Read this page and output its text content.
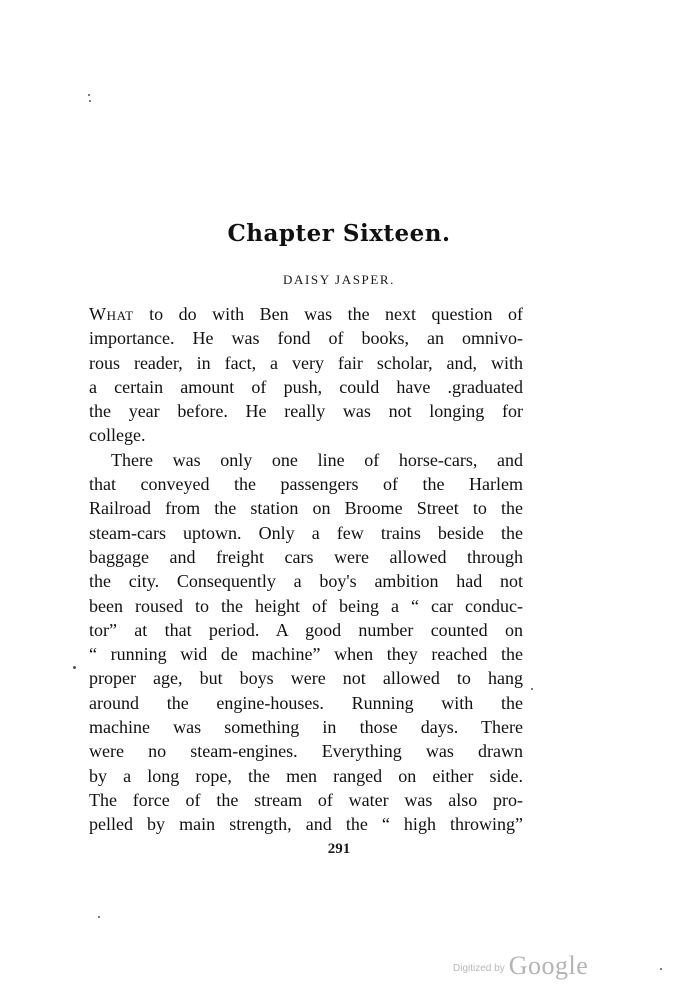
Chapter Sixteen.
DAISY JASPER.
What to do with Ben was the next question of
importance. He was fond of books, an omnivo-
rous reader, in fact, a very fair scholar, and, with
a certain amount of push, could have .graduated
the year before. He really was not longing for
college.
There was only one line of horse-cars, and
that conveyed the passengers of the Harlem
Railroad from the station on Broome Street to the
steam-cars uptown. Only a few trains beside the
baggage and freight cars were allowed through
the city. Consequently a boy's ambition had not
been roused to the height of being a “ car conduc-
tor” at that period. A good number counted on
“ running wid de machine” when they reached the
proper age, but boys were not allowed to hang
around the engine-houses. Running with the
machine was something in those days. There
were no steam-engines. Everything was drawn
by a long rope, the men ranged on either side.
The force of the stream of water was also pro-
pelled by main strength, and the “ high throwing”
291
Digitized by Google
